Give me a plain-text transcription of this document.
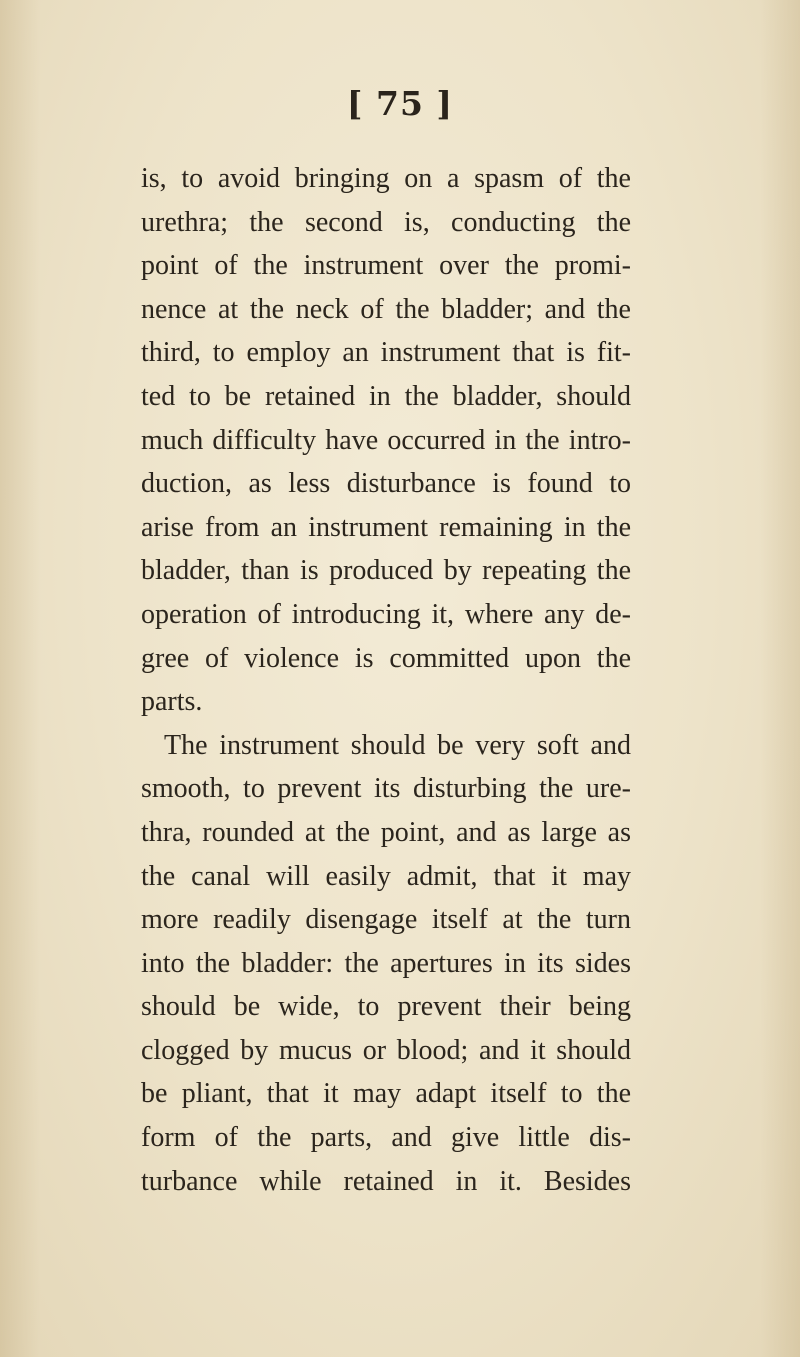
[ 75 ]
is, to avoid bringing on a spasm of the
urethra; the second is, conducting the
point of the instrument over the promi-
nence at the neck of the bladder; and the
third, to employ an instrument that is fit-
ted to be retained in the bladder, should
much difficulty have occurred in the intro-
duction, as less disturbance is found to
arise from an instrument remaining in the
bladder, than is produced by repeating the
operation of introducing it, where any de-
gree of violence is committed upon the
parts.
The instrument should be very soft and
smooth, to prevent its disturbing the ure-
thra, rounded at the point, and as large as
the canal will easily admit, that it may
more readily disengage itself at the turn
into the bladder: the apertures in its sides
should be wide, to prevent their being
clogged by mucus or blood; and it should
be pliant, that it may adapt itself to the
form of the parts, and give little dis-
turbance while retained in it. Besides
